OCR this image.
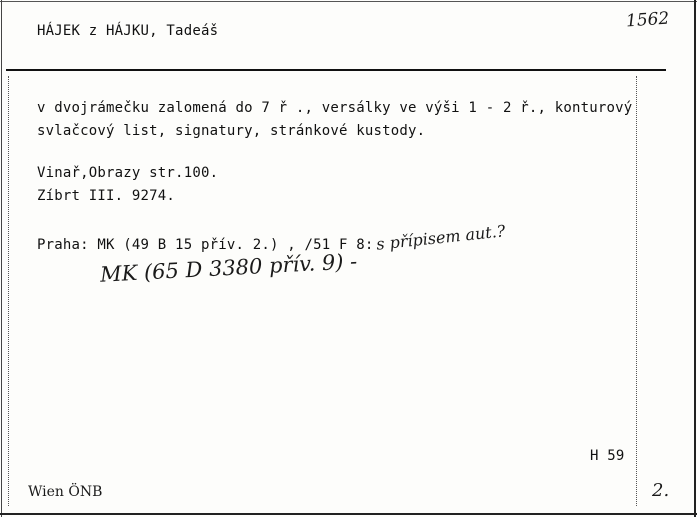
HÁJEK z HÁJKU, Tadeáš	1562
v dvojrámečku zalomená do 7 ř ., versálky ve výši 1 - 2 ř., konturový
svlačcový list, signatury, stránkové kustody.
Vinař,Obrazy str.100.
Zíbrt III. 9274.
Praha: MK (49 B 15 přív. 2.) , /51 F 8: s přípisem aut.?
MK (65 D 3380 přív. 9) -
H 59
Wien ÖNB	2.
